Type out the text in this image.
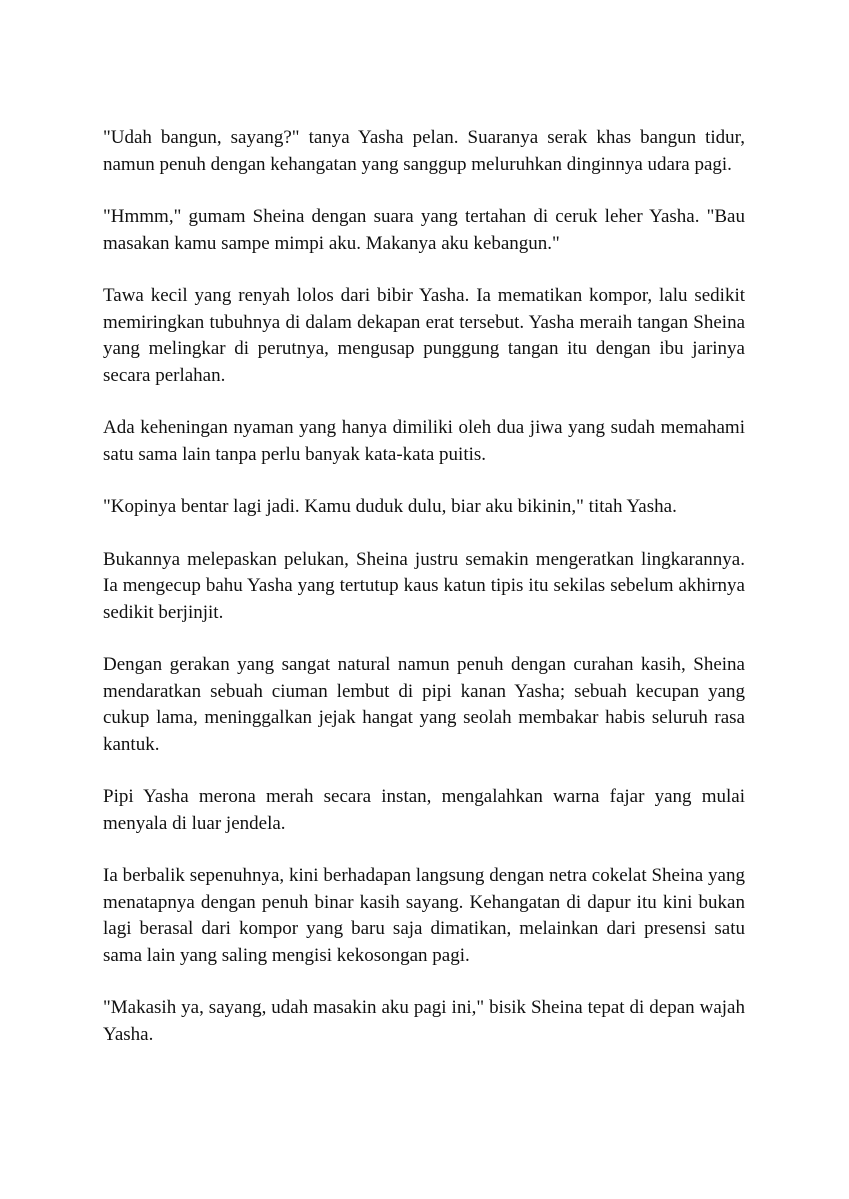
"Udah bangun, sayang?" tanya Yasha pelan. Suaranya serak khas bangun tidur, namun penuh dengan kehangatan yang sanggup meluruhkan dinginnya udara pagi.

"Hmmm," gumam Sheina dengan suara yang tertahan di ceruk leher Yasha. "Bau masakan kamu sampe mimpi aku. Makanya aku kebangun."

Tawa kecil yang renyah lolos dari bibir Yasha. Ia mematikan kompor, lalu sedikit memiringkan tubuhnya di dalam dekapan erat tersebut. Yasha meraih tangan Sheina yang melingkar di perutnya, mengusap punggung tangan itu dengan ibu jarinya secara perlahan.

Ada keheningan nyaman yang hanya dimiliki oleh dua jiwa yang sudah memahami satu sama lain tanpa perlu banyak kata-kata puitis.

"Kopinya bentar lagi jadi. Kamu duduk dulu, biar aku bikinin," titah Yasha.

Bukannya melepaskan pelukan, Sheina justru semakin mengeratkan lingkarannya. Ia mengecup bahu Yasha yang tertutup kaus katun tipis itu sekilas sebelum akhirnya sedikit berjinjit.

Dengan gerakan yang sangat natural namun penuh dengan curahan kasih, Sheina mendaratkan sebuah ciuman lembut di pipi kanan Yasha; sebuah kecupan yang cukup lama, meninggalkan jejak hangat yang seolah membakar habis seluruh rasa kantuk.

Pipi Yasha merona merah secara instan, mengalahkan warna fajar yang mulai menyala di luar jendela.

Ia berbalik sepenuhnya, kini berhadapan langsung dengan netra cokelat Sheina yang menatapnya dengan penuh binar kasih sayang. Kehangatan di dapur itu kini bukan lagi berasal dari kompor yang baru saja dimatikan, melainkan dari presensi satu sama lain yang saling mengisi kekosongan pagi.

"Makasih ya, sayang, udah masakin aku pagi ini," bisik Sheina tepat di depan wajah Yasha.
